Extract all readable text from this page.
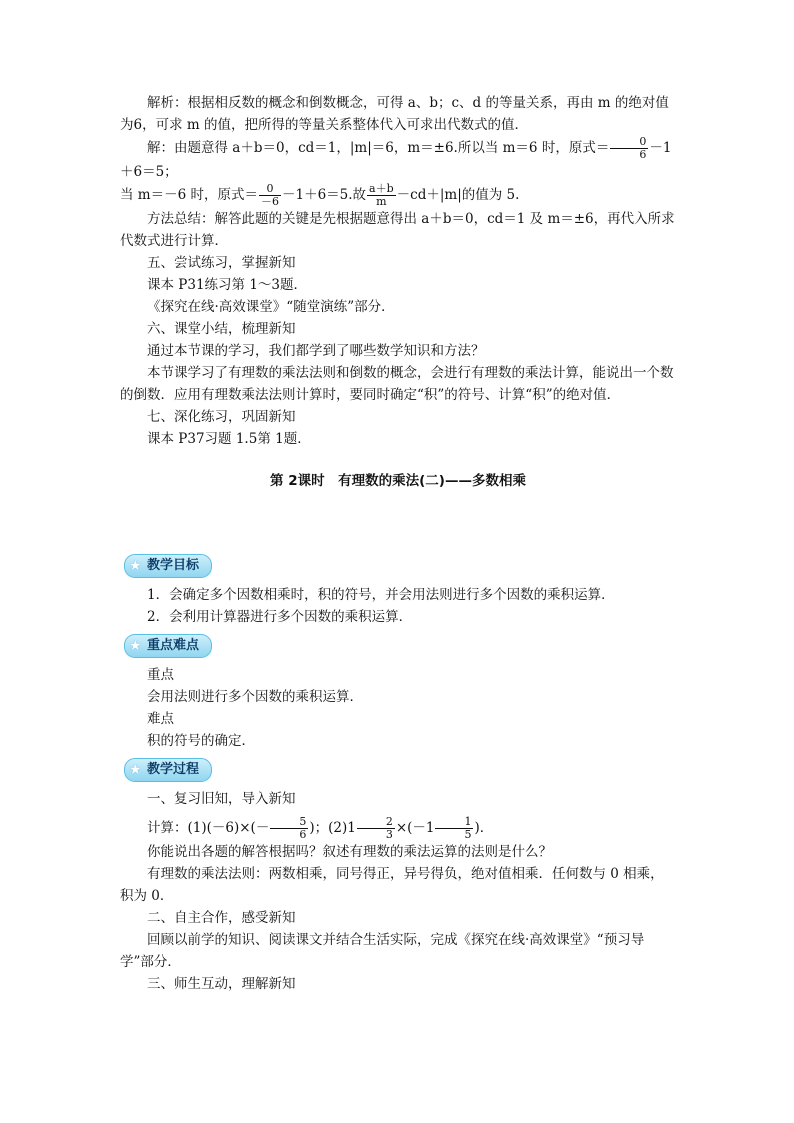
解析：根据相反数的概念和倒数概念，可得 a、b；c、d 的等量关系，再由 m 的绝对值为6，可求 m 的值，把所得的等量关系整体代入可求出代数式的值．

解：由题意得 a＋b＝0，cd＝1，|m|＝6，m＝±6.所以当 m＝6 时，原式＝ $\frac{0}{6} -1+6=5$；

当 m＝－6 时，原式＝ $\frac{0}{-6} -1+6=5$.故 $\frac{a+b}{m} -cd+|m|$的值为 5.

方法总结：解答此题的关键是先根据题意得出 a＋b＝0，cd＝1 及 m＝±6，再代入所求代数式进行计算．

五、尝试练习，掌握新知

课本 P31练习第 1～3题．

《探究在线·高效课堂》“随堂演练”部分．

六、课堂小结，梳理新知

通过本节课的学习，我们都学到了哪些数学知识和方法？

本节课学习了有理数的乘法法则和倒数的概念，会进行有理数的乘法计算，能说出一个数的倒数．应用有理数乘法法则计算时，要同时确定“积”的符号、计算“积”的绝对值．

七、深化练习，巩固新知

课本 P37习题 1.5第 1题．

第 2课时　有理数的乘法(二)——多数相乘

★ 教学目标

1．会确定多个因数相乘时，积的符号，并会用法则进行多个因数的乘积运算．

2．会利用计算器进行多个因数的乘积运算．

★ 重点难点

重点

会用法则进行多个因数的乘积运算．

难点

积的符号的确定．

★ 教学过程

一、复习旧知，导入新知

计算：$(1)(-6)\times(- \frac{5}{6}$ )；$(2)1 \frac{2}{3} \times(-1 \frac{1}{5}$ )．

你能说出各题的解答根据吗？叙述有理数的乘法运算的法则是什么？

有理数的乘法法则：两数相乘，同号得正，异号得负，绝对值相乘．任何数与 0 相乘，积为 0．

二、自主合作，感受新知

回顾以前学的知识、阅读课文并结合生活实际，完成《探究在线·高效课堂》“预习导学”部分．

三、师生互动，理解新知
